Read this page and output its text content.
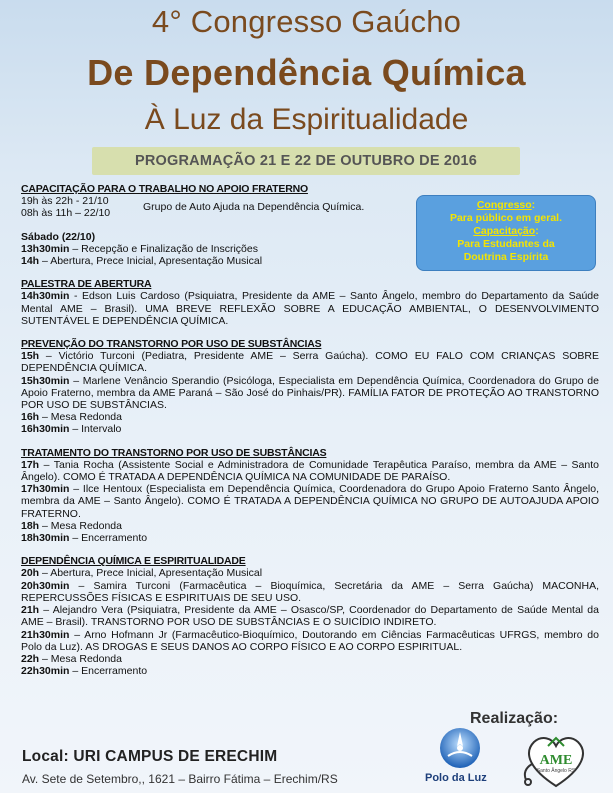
4° Congresso Gaúcho
De Dependência Química
À Luz da Espiritualidade
PROGRAMAÇÃO 21 E 22 DE OUTUBRO DE 2016
Congresso:
Para público em geral.
Capacitação:
Para Estudantes da
Doutrina Espírita
CAPACITAÇÃO PARA O TRABALHO NO APOIO FRATERNO
19h às 22h - 21/10
08h às 11h – 22/10
Grupo de Auto Ajuda na Dependência Química.
Sábado (22/10)
13h30min – Recepção e Finalização de Inscrições
14h – Abertura, Prece Inicial, Apresentação Musical
PALESTRA DE ABERTURA
14h30min - Edson Luis Cardoso (Psiquiatra, Presidente da AME – Santo Ângelo, membro do Departamento da Saúde Mental AME – Brasil). UMA BREVE REFLEXÃO SOBRE A EDUCAÇÃO AMBIENTAL, O DESENVOLVIMENTO SUTENTÁVEL E DEPENDÊNCIA QUÍMICA.
PREVENÇÃO DO TRANSTORNO POR USO DE SUBSTÂNCIAS
15h – Victório Turconi (Pediatra, Presidente AME – Serra Gaúcha). COMO EU FALO COM CRIANÇAS SOBRE DEPENDÊNCIA QUÍMICA.
15h30min – Marlene Venâncio Sperandio (Psicóloga, Especialista em Dependência Química, Coordenadora do Grupo de Apoio Fraterno, membra da AME Paraná – São José do Pinhais/PR). FAMÍLIA FATOR DE PROTEÇÃO AO TRANSTORNO POR USO DE SUBSTÂNCIAS.
16h – Mesa Redonda
16h30min – Intervalo
TRATAMENTO DO TRANSTORNO POR USO DE SUBSTÂNCIAS
17h – Tania Rocha (Assistente Social e Administradora de Comunidade Terapêutica Paraíso, membra da AME – Santo Ângelo). COMO É TRATADA A DEPENDÊNCIA QUÍMICA NA COMUNIDADE DE PARAÍSO.
17h30min – Ilce Hentoux (Especialista em Dependência Química, Coordenadora do Grupo Apoio Fraterno Santo Ângelo, membra da AME – Santo Ângelo). COMO É TRATADA A DEPENDÊNCIA QUÍMICA NO GRUPO DE AUTOAJUDA APOIO FRATERNO.
18h – Mesa Redonda
18h30min – Encerramento
DEPENDÊNCIA QUÍMICA E ESPIRITUALIDADE
20h – Abertura, Prece Inicial, Apresentação Musical
20h30min – Samira Turconi (Farmacêutica – Bioquímica, Secretária da AME – Serra Gaúcha) MACONHA, REPERCUSSÕES FÍSICAS E ESPIRITUAIS DE SEU USO.
21h – Alejandro Vera (Psiquiatra, Presidente da AME – Osasco/SP, Coordenador do Departamento de Saúde Mental da AME – Brasil). TRANSTORNO POR USO DE SUBSTÂNCIAS E O SUICÍDIO INDIRETO.
21h30min – Arno Hofmann Jr (Farmacêutico-Bioquímico, Doutorando em Ciências Farmacêuticas UFRGS, membro do Polo da Luz). AS DROGAS E SEUS DANOS AO CORPO FÍSICO E AO CORPO ESPIRITUAL.
22h – Mesa Redonda
22h30min – Encerramento
Local: URI CAMPUS DE ERECHIM
Av. Sete de Setembro,, 1621 – Bairro Fátima – Erechim/RS
Realização:
Polo da Luz
AME
Santo Ângelo RS
